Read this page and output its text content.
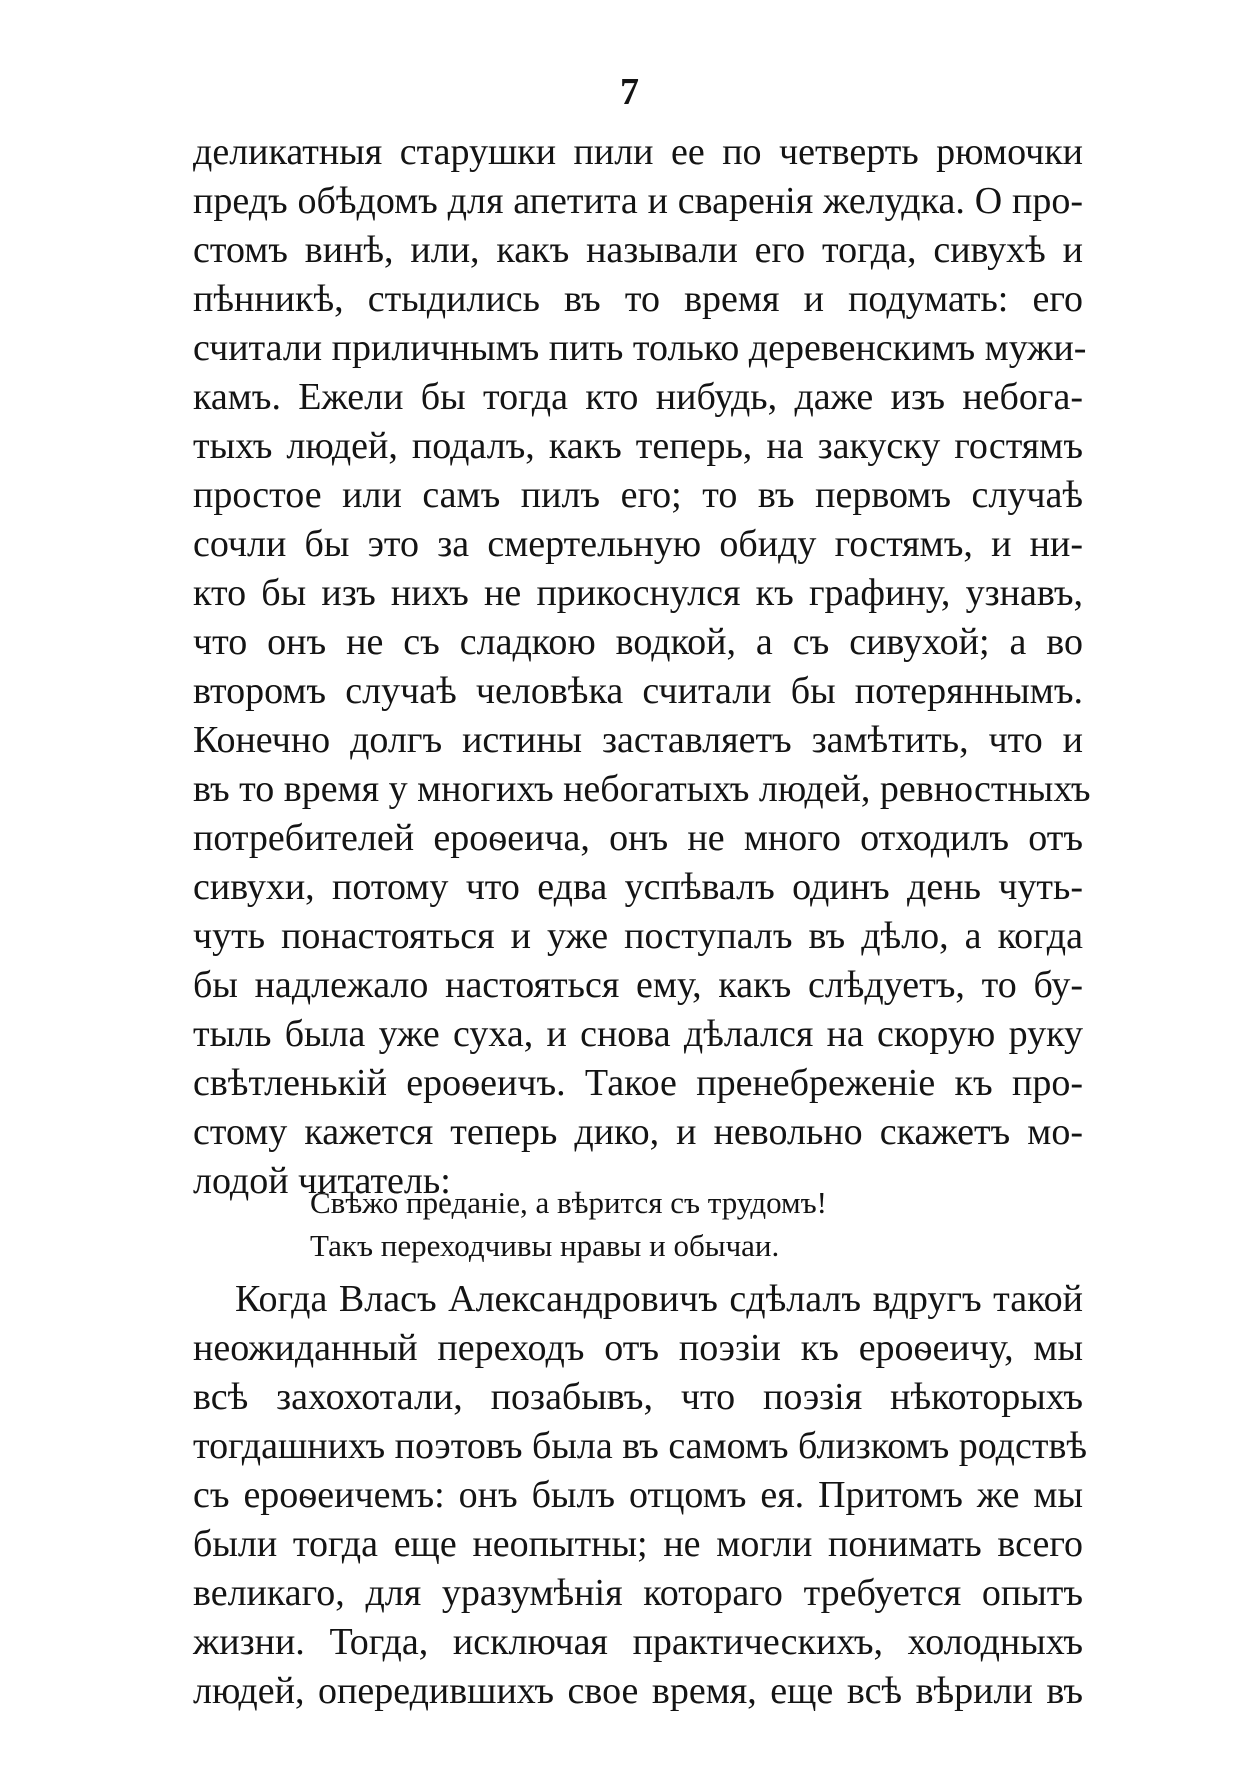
7
деликатныя старушки пили ее по четверть рюмочки
предъ обѣдомъ для апетита и сваренія желудка. О про-
стомъ винѣ, или, какъ называли его тогда, сивухѣ и
пѣнникѣ, стыдились въ то время и подумать: его
считали приличнымъ пить только деревенскимъ мужи-
камъ. Ежели бы тогда кто нибудь, даже изъ небога-
тыхъ людей, подалъ, какъ теперь, на закуску гостямъ
простое или самъ пилъ его; то въ первомъ случаѣ
сочли бы это за смертельную обиду гостямъ, и ни-
кто бы изъ нихъ не прикоснулся къ графину, узнавъ,
что онъ не съ сладкою водкой, а съ сивухой; а во
второмъ случаѣ человѣка считали бы потеряннымъ.
Конечно долгъ истины заставляетъ замѣтить, что и
въ то время у многихъ небогатыхъ людей, ревностныхъ
потребителей ероѳеича, онъ не много отходилъ отъ
сивухи, потому что едва успѣвалъ одинъ день чуть-
чуть понастояться и уже поступалъ въ дѣло, а когда
бы надлежало настояться ему, какъ слѣдуетъ, то бу-
тыль была уже суха, и снова дѣлался на скорую руку
свѣтленькій ероѳеичъ. Такое пренебреженіе къ про-
стому кажется теперь дико, и невольно скажетъ мо-
лодой читатель:
Свѣжо преданіе, а вѣрится съ трудомъ!
Такъ переходчивы нравы и обычаи.
Когда Власъ Александровичъ сдѣлалъ вдругъ такой
неожиданный переходъ отъ поэзіи къ ероѳеичу, мы
всѣ захохотали, позабывъ, что поэзія нѣкоторыхъ
тогдашнихъ поэтовъ была въ самомъ близкомъ родствѣ
съ ероѳеичемъ: онъ былъ отцомъ ея. Притомъ же мы
были тогда еще неопытны; не могли понимать всего
великаго, для уразумѣнія котораго требуется опытъ
жизни. Тогда, исключая практическихъ, холодныхъ
людей, опередившихъ свое время, еще всѣ вѣрили въ
